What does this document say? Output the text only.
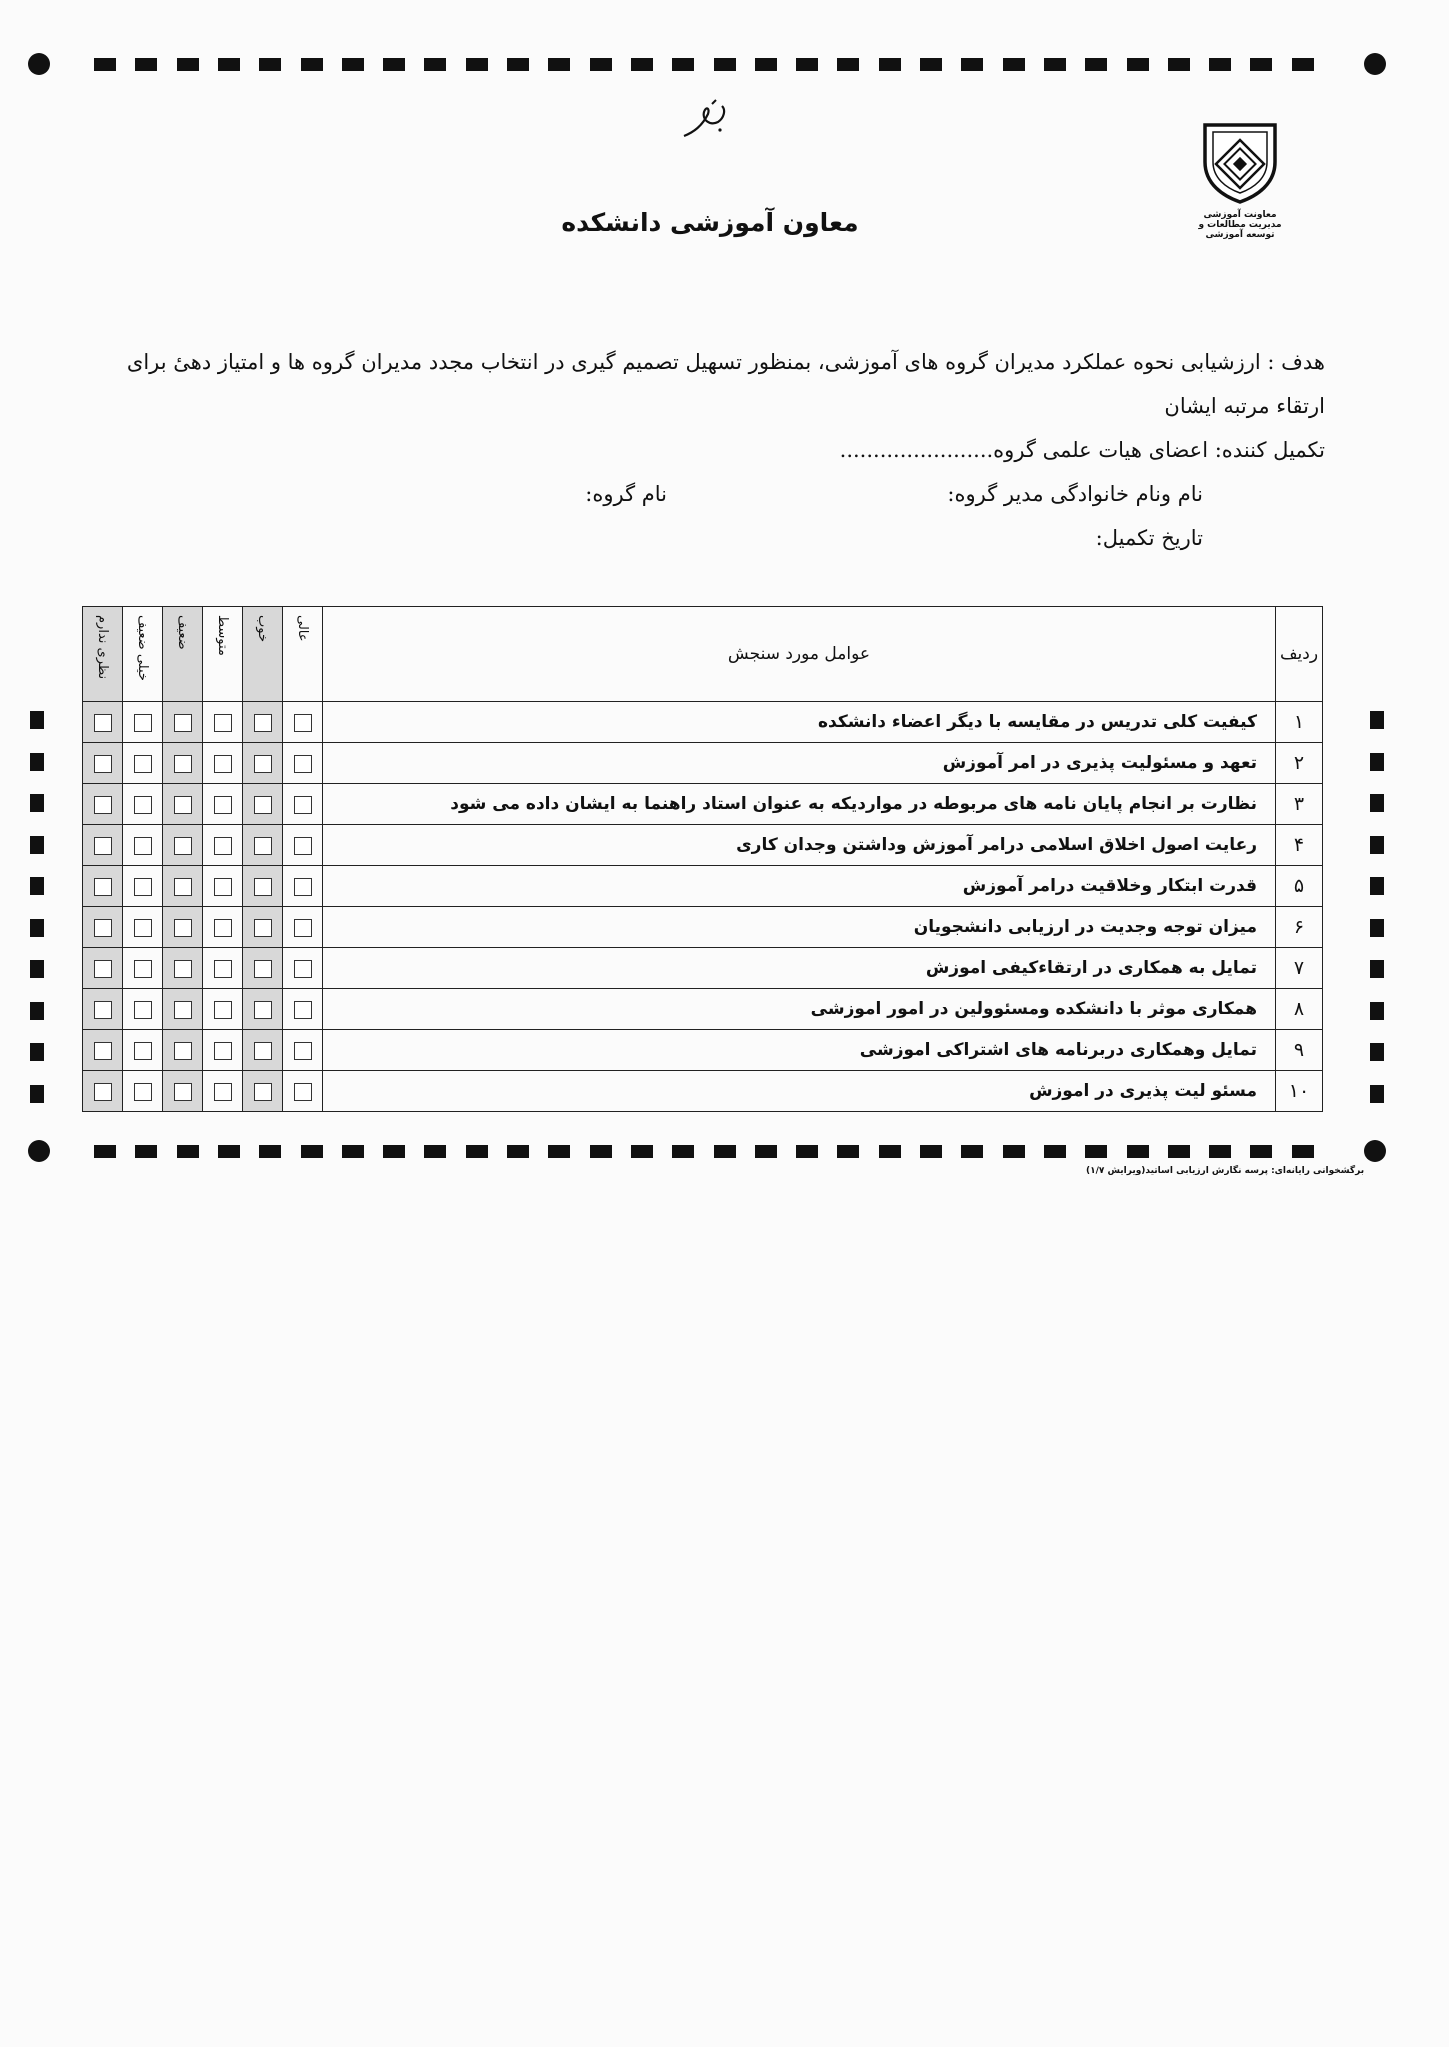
معاونت آموزشی
مدیریت مطالعات و توسعه آموزشی
معاون آموزشی دانشکده
هدف : ارزشیابی نحوه عملکرد مدیران گروه های آموزشی، بمنظور تسهیل تصمیم گیری در انتخاب مجدد مدیران گروه ها و امتیاز دهیٔ برای
ارتقاء مرتبه ایشان
تکمیل کننده: اعضای هیات علمی گروه.......................
نام ونام خانوادگی مدیر گروه:
نام گروه:
تاریخ تکمیل:
ردیف	عوامل مورد سنجش	عالی	خوب	متوسط	ضعیف	خیلی ضعیف	نظری ندارم

۱	کیفیت کلی تدریس در مقایسه با دیگر اعضاء دانشکده						
۲	تعهد و مسئولیت پذیری در امر آموزش						
۳	نظارت بر انجام پایان نامه های مربوطه در مواردیکه به عنوان استاد راهنما به ایشان داده می شود						
۴	رعایت اصول اخلاق اسلامی درامر آموزش وداشتن وجدان کاری						
۵	قدرت ابتکار وخلاقیت درامر آموزش						
۶	میزان توجه وجدیت در ارزیابی دانشجویان						
۷	تمایل به همکاری در ارتقاءکیفی اموزش						
۸	همکاری موثر با دانشکده ومسئوولین در امور اموزشی						
۹	تمایل وهمکاری دربرنامه های اشتراکی اموزشی						
۱۰	مسئو لیت پذیری در اموزش						
برگشخوانی رایانه‌ای: پرسه نگارش ارزیابی اساتید(ویرایش ۱/۷)
